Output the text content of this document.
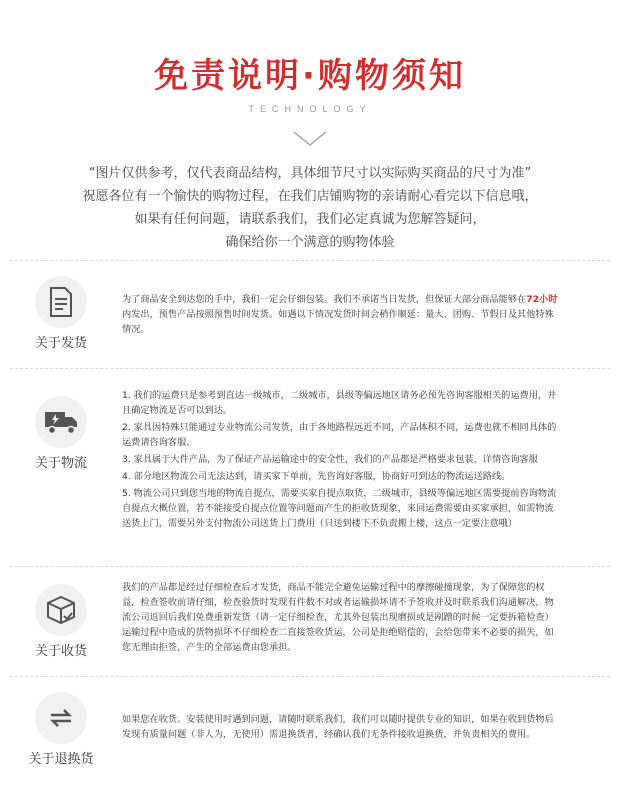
免责说明·购物须知
TECHNOLOGY
“图片仅供参考，仅代表商品结构，具体细节尺寸以实际购买商品的尺寸为准”
祝愿各位有一个愉快的购物过程，在我们店铺购物的亲请耐心看完以下信息哦，
如果有任何问题，请联系我们，我们必定真诚为您解答疑问，
确保给你一个满意的购物体验
关于发货
为了商品安全到达您的手中，我们一定会仔细包装。我们不承诺当日发货，但保证大部分商品能够在72小时内发出，预售产品按照预售时间发货。如遇以下情况发货时间会稍作顺延：量大、团购、节假日及其他特殊情况。
关于物流
1. 我们的运费只是参考到直达一级城市，二级城市，县级等偏远地区请务必预先咨询客服相关的运费用，并且确定物流是否可以到达。
2. 家具因特殊只能通过专业物流公司发货，由于各地路程远近不同，产品体积不同，运费也就不相同具体的运费请咨询客服。
3. 家具属于大件产品，为了保证产品运输途中的安全性，我们的产品都是严格要求包装，详情咨询客服
4. 部分地区物流公司无法达到，请买家下单前，先咨询好客服，协商好可到达的物流运送路线。
5. 物流公司只到您当地的物流自提点，需要买家自提点取货，二级城市，县级等偏远地区需要提前咨询物流自提点大概位置，若不能接受自提点位置等问题而产生的拒收货现象，来回运费需要由买家承担，如需物流送货上门，需要另外支付物流公司送货上门费用（只送到楼下不负责搬上楼，这点一定要注意哦）
关于收货
我们的产品都是经过仔细检查后才发货，商品不能完全避免运输过程中的摩擦碰撞现象，为了保障您的权益，检查签收前请仔细，检查验货时发现有件数不对或者运输损坏请不予签收并及时联系我们沟通解决，物流公司返回后我们免费重新发货（请一定仔细检查，尤其外包装出现磨损或是剐蹭的时候一定要拆箱检查）运输过程中造成的货物损坏不仔细检查二直接签收货运，公司是拒绝赔偿的，会给您带来不必要的损失，如您无理由拒签，产生的全部运费由您承担。
关于退换货
如果您在收货、安装使用时遇到问题，请随时联系我们，我们可以随时提供专业的知识，如果在收到货物后发现有质量问题（非人为，无使用）需退换货者，经确认我们无条件接收退换货，并负责相关的费用。
